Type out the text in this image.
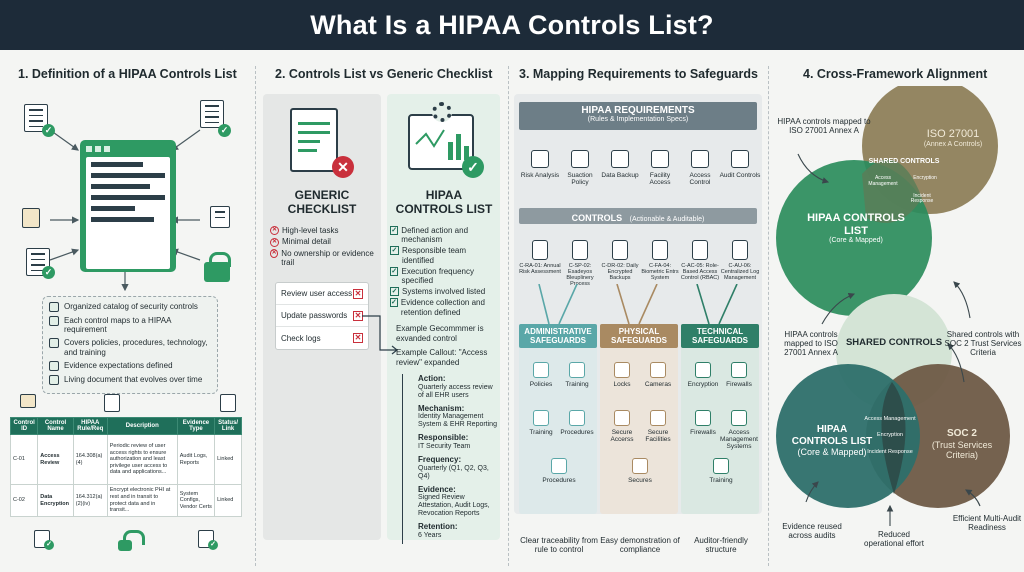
What Is a HIPAA Controls List?
1. Definition of a HIPAA Controls List	2. Controls List vs Generic Checklist 3. Mapping Requirements to Safeguards	4. Cross-Framework Alignment
✓	✓
✓
Organized catalog of security controls
Each control maps to a HIPAA requirement
Covers policies, procedures, technology, and training
Evidence expectations defined
Living document that evolves over time
Control ID	Control Name	HIPAA Rule/Req	Description	Evidence Type	Status/ Link
C-01	Access Review	164.308(a)(4)	Periodic review of user access rights to ensure authorization and least privilege user access to data and applications...	Audit Logs, Reports	Linked
C-02	Data Encryption	164.312(a)(2)(iv)	Encrypt electronic PHI at rest and in transit to protect data and in transit...	System Configs, Vendor Certs	Linked
✓	✓
✕	✓
GENERIC CHECKLIST
HIPAA CONTROLS LIST
✕ High-level tasks
✕ Minimal detail
✕ No ownership or evidence trail
✓ Defined action and mechanism
✓ Responsible team identified
✓ Execution frequency specified
✓ Systems involved listed
✓ Evidence collection and retention defined
Review user access ✕
Update passwords ✕
Check logs	✕
Example Gecommmer is exvanded control
Example Callout: "Access review" expanded
Action:
Quarterly access review of all EHR users
Mechanism:
Identity Management System & EHR Reporting
Responsible:
IT Security Team
Frequency:
Quarterly (Q1, Q2, Q3, Q4)
Evidence:
Signed Review Attestation, Audit Logs, Revocation Reports
Retention:
6 Years
HIPAA REQUIREMENTS
(Rules & Implementation Specs)
Risk Analysis	Suaction Policy
Data Backup	Facility Access
Access Control
Audit Controls
CONTROLS (Actionable & Auditable)
C-RA-01: Annual Risk Assessment
C-SP-02: Esadeyos Bleuplinery Process
C-DR-02: Daily Encrypted Backups
C-FA-04: Biometric Entrs System
C-AC-05: Role-Based Access Control (RBAC)
C-AU-06: Centralized Log Management
ADMINISTRATIVE SAFEGUARDS
PHYSICAL SAFEGUARDS
TECHNICAL SAFEGUARDS
Policies	Training
Training	Procedures
Procedures
Locks	Cameras
Secure Accerss
Secure Facilities
Secures
Encryption	Firewalls
Firewalls	Access Management Systems
Training
Clear traceability from rule to control
Easy demonstration of compliance
Auditor-friendly structure
HIPAA controls mapped to ISO 27001 Annex A
HIPAA CONTROLS LIST
(Core & Mapped)
ISO 27001
(Annex A Controls)
SHARED CONTROLS
Access Management
Encryption
Incident Response
SHARED CONTROLS
HIPAA controls mapped to ISO 27001 Annex A
Shared controls with SOC 2 Trust Services Criteria
HIPAA CONTROLS LIST
(Core & Mapped)
SOC 2
(Trust Services Criteria)
Access Management
Encryption
Incident Response
Evidence reused across audits	Reduced operational effort
Efficient Multi-Audit Readiness
